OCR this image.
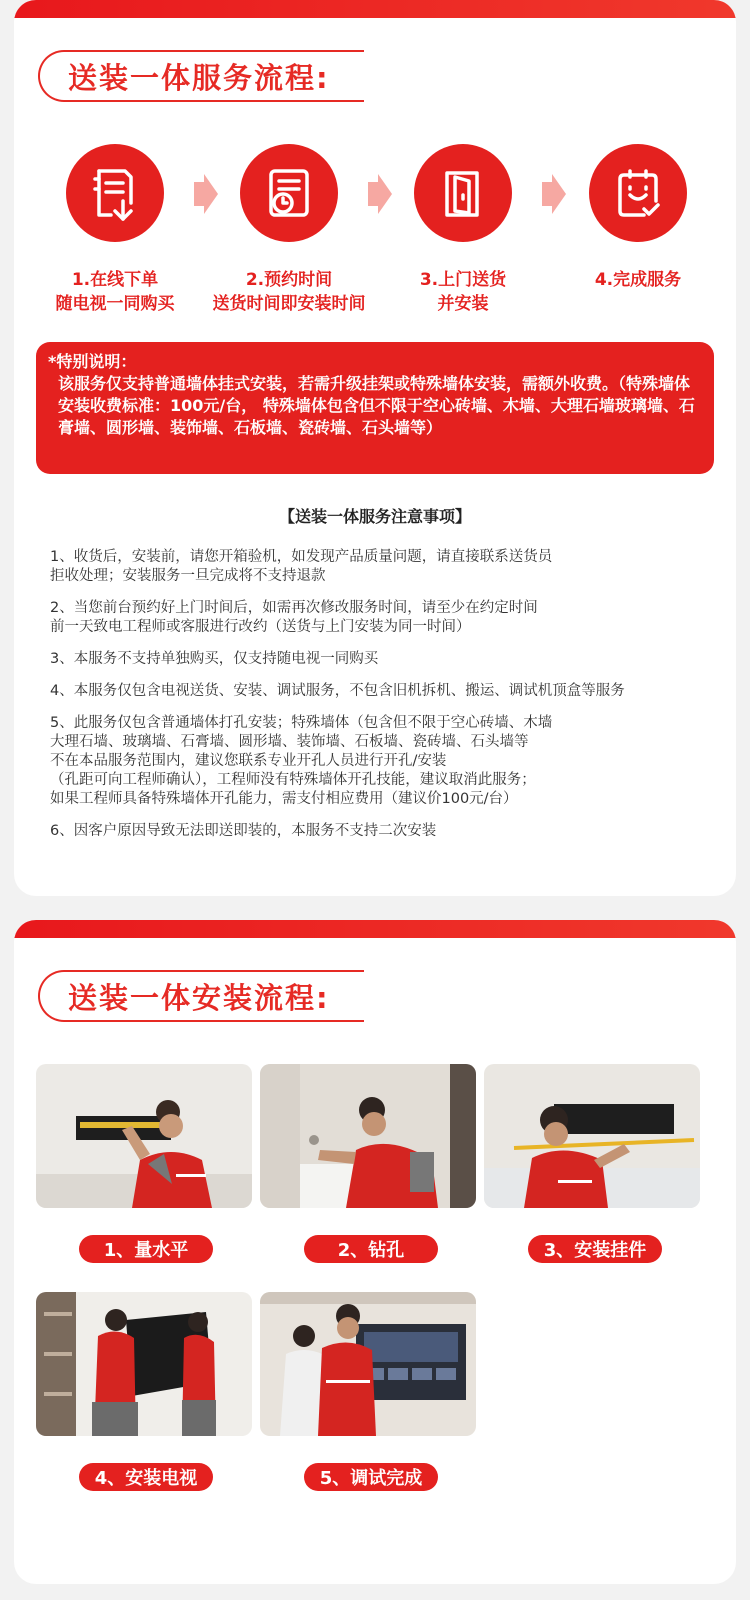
送装一体服务流程:
1.在线下单
随电视一同购买
2.预约时间
送货时间即安装时间
3.上门送货
并安装
4.完成服务
*特别说明：
该服务仅支持普通墙体挂式安装，若需升级挂架或特殊墙体安装，需额外收费。（特殊墙体安装收费标准：100元/台， 特殊墙体包含但不限于空心砖墙、木墙、大理石墙玻璃墙、石膏墙、圆形墙、装饰墙、石板墙、瓷砖墙、石头墙等）
【送装一体服务注意事项】
1、收货后，安装前，请您开箱验机，如发现产品质量问题，请直接联系送货员
拒收处理；安装服务一旦完成将不支持退款
2、当您前台预约好上门时间后，如需再次修改服务时间，请至少在约定时间
前一天致电工程师或客服进行改约（送货与上门安装为同一时间）
3、本服务不支持单独购买，仅支持随电视一同购买
4、本服务仅包含电视送货、安装、调试服务，不包含旧机拆机、搬运、调试机顶盒等服务
5、此服务仅包含普通墙体打孔安装；特殊墙体（包含但不限于空心砖墙、木墙
大理石墙、玻璃墙、石膏墙、圆形墙、装饰墙、石板墙、瓷砖墙、石头墙等
不在本品服务范围内，建议您联系专业开孔人员进行开孔/安装
（孔距可向工程师确认），工程师没有特殊墙体开孔技能，建议取消此服务；
如果工程师具备特殊墙体开孔能力，需支付相应费用（建议价100元/台）
6、因客户原因导致无法即送即装的，本服务不支持二次安装
送装一体安装流程:
1、量水平	2、钻孔	3、安装挂件
4、安装电视	5、调试完成
